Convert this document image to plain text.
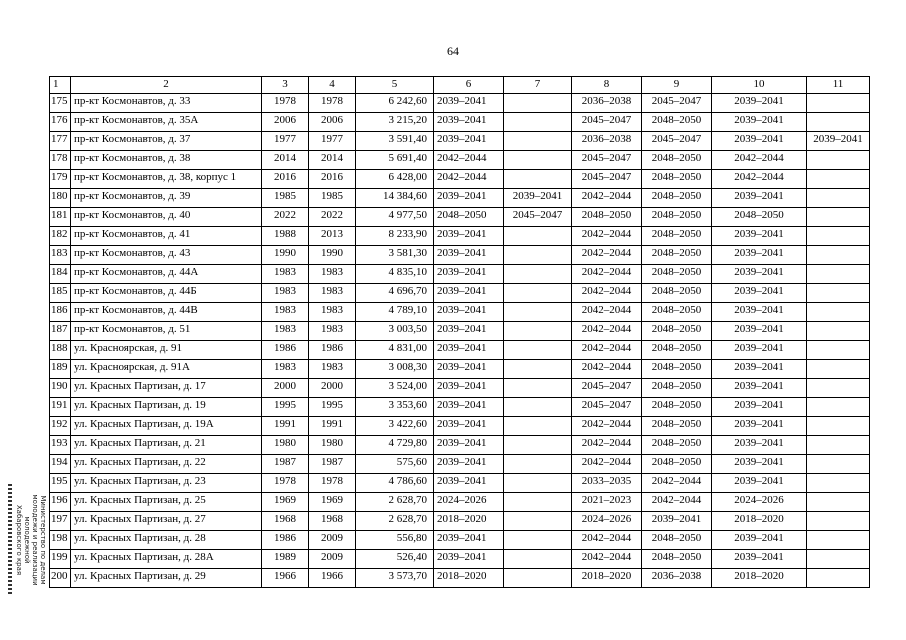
64
1	2	3	4	5	6	7	8	9	10	11
175	пр-кт Космонавтов, д. 33	1978	1978	6 242,60	2039–2041		2036–2038	2045–2047	2039–2041	
176	пр-кт Космонавтов, д. 35А	2006	2006	3 215,20	2039–2041		2045–2047	2048–2050	2039–2041	
177	пр-кт Космонавтов, д. 37	1977	1977	3 591,40	2039–2041		2036–2038	2045–2047	2039–2041	2039–2041
178	пр-кт Космонавтов, д. 38	2014	2014	5 691,40	2042–2044		2045–2047	2048–2050	2042–2044	
179	пр-кт Космонавтов, д. 38, корпус 1	2016	2016	6 428,00	2042–2044		2045–2047	2048–2050	2042–2044	
180	пр-кт Космонавтов, д. 39	1985	1985	14 384,60	2039–2041	2039–2041	2042–2044	2048–2050	2039–2041	
181	пр-кт Космонавтов, д. 40	2022	2022	4 977,50	2048–2050	2045–2047	2048–2050	2048–2050	2048–2050	
182	пр-кт Космонавтов, д. 41	1988	2013	8 233,90	2039–2041		2042–2044	2048–2050	2039–2041	
183	пр-кт Космонавтов, д. 43	1990	1990	3 581,30	2039–2041		2042–2044	2048–2050	2039–2041	
184	пр-кт Космонавтов, д. 44А	1983	1983	4 835,10	2039–2041		2042–2044	2048–2050	2039–2041	
185	пр-кт Космонавтов, д. 44Б	1983	1983	4 696,70	2039–2041		2042–2044	2048–2050	2039–2041	
186	пр-кт Космонавтов, д. 44В	1983	1983	4 789,10	2039–2041		2042–2044	2048–2050	2039–2041	
187	пр-кт Космонавтов, д. 51	1983	1983	3 003,50	2039–2041		2042–2044	2048–2050	2039–2041	
188	ул. Красноярская, д. 91	1986	1986	4 831,00	2039–2041		2042–2044	2048–2050	2039–2041	
189	ул. Красноярская, д. 91А	1983	1983	3 008,30	2039–2041		2042–2044	2048–2050	2039–2041	
190	ул. Красных Партизан, д. 17	2000	2000	3 524,00	2039–2041		2045–2047	2048–2050	2039–2041	
191	ул. Красных Партизан, д. 19	1995	1995	3 353,60	2039–2041		2045–2047	2048–2050	2039–2041	
192	ул. Красных Партизан, д. 19А	1991	1991	3 422,60	2039–2041		2042–2044	2048–2050	2039–2041	
193	ул. Красных Партизан, д. 21	1980	1980	4 729,80	2039–2041		2042–2044	2048–2050	2039–2041	
194	ул. Красных Партизан, д. 22	1987	1987	575,60	2039–2041		2042–2044	2048–2050	2039–2041	
195	ул. Красных Партизан, д. 23	1978	1978	4 786,60	2039–2041		2033–2035	2042–2044	2039–2041	
196	ул. Красных Партизан, д. 25	1969	1969	2 628,70	2024–2026		2021–2023	2042–2044	2024–2026	
197	ул. Красных Партизан, д. 27	1968	1968	2 628,70	2018–2020		2024–2026	2039–2041	2018–2020	
198	ул. Красных Партизан, д. 28	1986	2009	556,80	2039–2041		2042–2044	2048–2050	2039–2041	
199	ул. Красных Партизан, д. 28А	1989	2009	526,40	2039–2041		2042–2044	2048–2050	2039–2041	
200	ул. Красных Партизан, д. 29	1966	1966	3 573,70	2018–2020		2018–2020	2036–2038	2018–2020	
Министерство по делам
молодежи и реализации
молодежной
Хабаровского края
